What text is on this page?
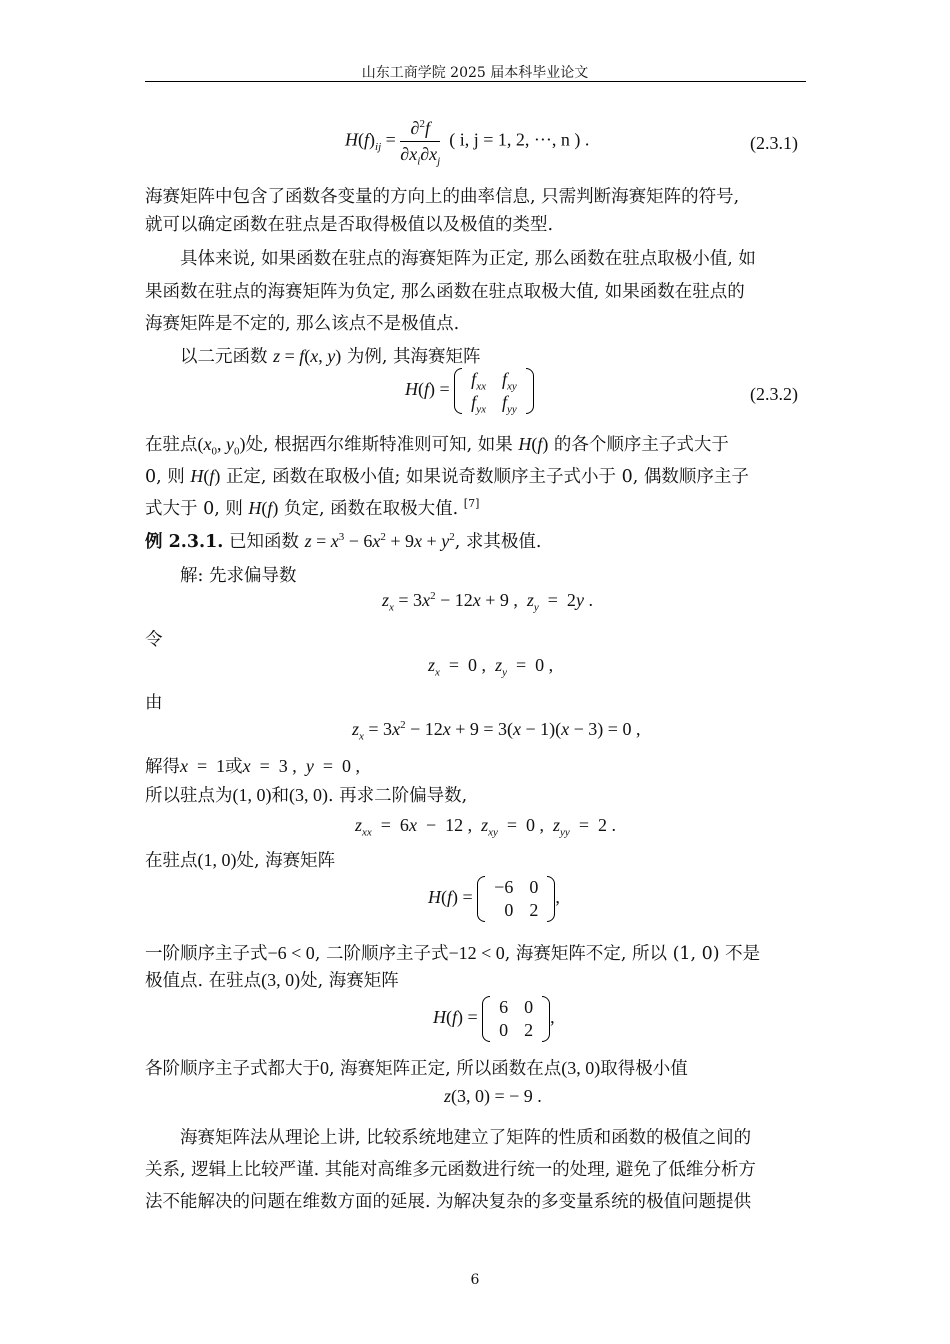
山东工商学院 2025 届本科毕业论文
$H(f)_{ij} = \frac{\partial^2f}{\partial x_i\partial x_j}$ ( i, j = 1, 2, ···, n ) .	(2.3.1)
海赛矩阵中包含了函数各变量的方向上的曲率信息, 只需判断海赛矩阵的符号,
就可以确定函数在驻点是否取得极值以及极值的类型.
具体来说, 如果函数在驻点的海赛矩阵为正定, 那么函数在驻点取极小值, 如
果函数在驻点的海赛矩阵为负定, 那么函数在驻点取极大值, 如果函数在驻点的
海赛矩阵是不定的, 那么该点不是极值点.
以二元函数 z = f(x, y) 为例, 其海赛矩阵
H(f) =
$f_{xx}$	$f_{xy}$
$f_{yx}$	$f_{yy}$
(2.3.2)
在驻点($x_0$, $y_0$)处, 根据西尔维斯特准则可知, 如果 H(f) 的各个顺序主子式大于
0, 则 H(f) 正定, 函数在取极小值; 如果说奇数顺序主子式小于 0, 偶数顺序主子
式大于 0, 则 H(f) 负定, 函数在取极大值. [7]
例 2.3.1. 已知函数 $z = x^3 - 6x^2 + 9x + y^2$, 求其极值.
解: 先求偏导数
$z_x = 3x^2 - 12x + 9$ ,  $z_y = 2y$ .
令
$z_x = 0$ ,  $z_y = 0$ ,
由
$z_x = 3x^2 - 12x + 9 = 3(x - 1)(x - 3) = 0$ ,
解得x  =  1或x  =  3 ,  y  =  0 ,
所以驻点为(1, 0)和(3, 0). 再求二阶偏导数,
$z_{xx} = 6x - 12$ ,  $z_{xy} = 0$ ,  $z_{yy} = 2$ .
在驻点(1, 0)处, 海赛矩阵
H(f) =
−6	0
0	2
,
一阶顺序主子式−6 < 0, 二阶顺序主子式−12 < 0, 海赛矩阵不定, 所以 (1, 0) 不是
极值点. 在驻点(3, 0)处, 海赛矩阵
H(f) =
6	0
0	2
,
各阶顺序主子式都大于0, 海赛矩阵正定, 所以函数在点(3, 0)取得极小值
z(3, 0) = − 9 .
海赛矩阵法从理论上讲, 比较系统地建立了矩阵的性质和函数的极值之间的
关系, 逻辑上比较严谨. 其能对高维多元函数进行统一的处理, 避免了低维分析方
法不能解决的问题在维数方面的延展. 为解决复杂的多变量系统的极值问题提供
6
